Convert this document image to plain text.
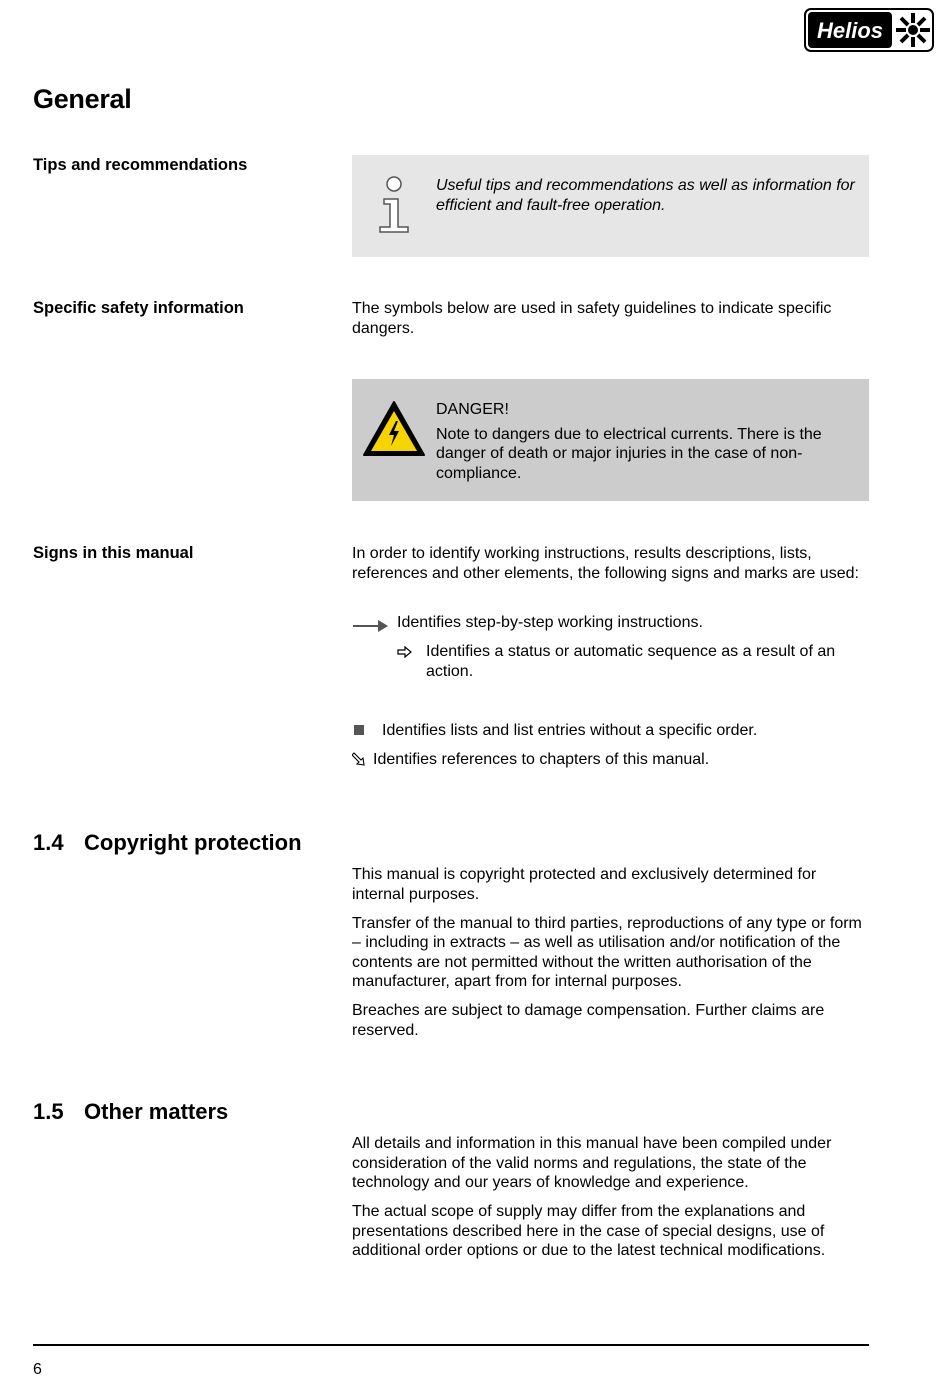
Helios
General
Tips and recommendations
Useful tips and recommendations as well as information for efficient and fault-free operation.
Specific safety information	The symbols below are used in safety guidelines to indicate specific dangers.
DANGER!
Note to dangers due to electrical currents. There is the danger of death or major injuries in the case of non-compliance.
Signs in this manual	In order to identify working instructions, results descriptions, lists, references and other elements, the following signs and marks are used:
Identifies step-by-step working instructions.
Identifies a status or automatic sequence as a result of an action.
Identifies lists and list entries without a specific order.
Identifies references to chapters of this manual.
1.4 Copyright protection

This manual is copyright protected and exclusively determined for internal purposes.

Transfer of the manual to third parties, reproductions of any type or form – including in extracts – as well as utilisation and/or notification of the contents are not permitted without the written authorisation of the manufacturer, apart from for internal purposes.

Breaches are subject to damage compensation. Further claims are reserved.

1.5 Other matters

All details and information in this manual have been compiled under consideration of the valid norms and regulations, the state of the technology and our years of knowledge and experience.

The actual scope of supply may differ from the explanations and presentations described here in the case of special designs, use of additional order options or due to the latest technical modifications.

6
